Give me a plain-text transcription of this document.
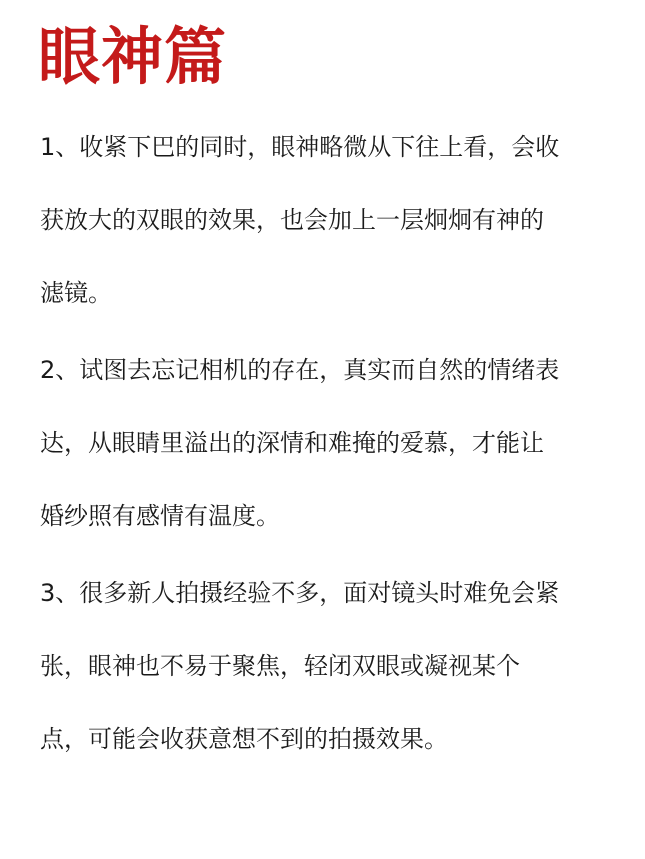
眼神篇

1、收紧下巴的同时，眼神略微从下往上看，会收
获放大的双眼的效果，也会加上一层炯炯有神的
滤镜。

2、试图去忘记相机的存在，真实而自然的情绪表
达，从眼睛里溢出的深情和难掩的爱慕，才能让
婚纱照有感情有温度。

3、很多新人拍摄经验不多，面对镜头时难免会紧
张，眼神也不易于聚焦，轻闭双眼或凝视某个
点，可能会收获意想不到的拍摄效果。
